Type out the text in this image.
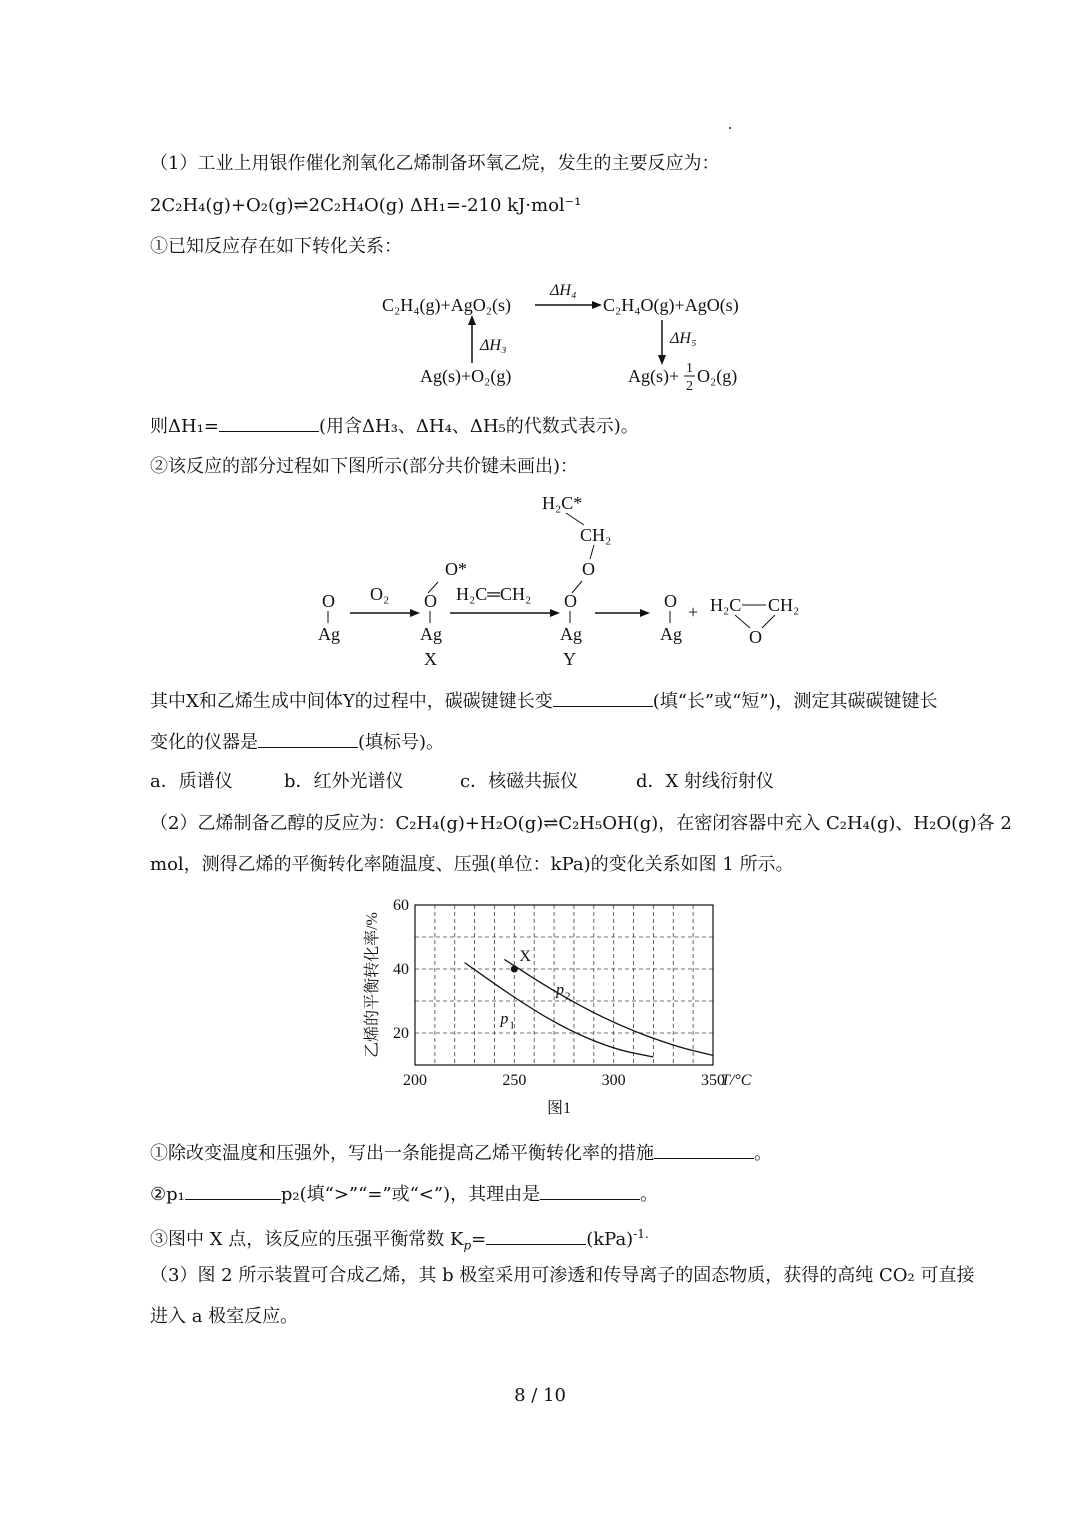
（1）工业上用银作催化剂氧化乙烯制备环氧乙烷，发生的主要反应为：
2C₂H₄(g)+O₂(g)⇌2C₂H₄O(g) ΔH₁=-210 kJ·mol⁻¹
①已知反应存在如下转化关系：
C₂H₄(g)+AgO₂(s)
ΔH₄
C₂H₄O(g)+AgO(s)
ΔH₃
Ag(s)+O₂(g)
ΔH₅
Ag(s)+ 1
2
O₂(g)
则ΔH₁=	(用含ΔH₃、ΔH₄、ΔH₅的代数式表示)。
②该反应的部分过程如下图所示(部分共价键未画出)：
O
Ag
O₂
O*
O
Ag
X
H₂C═CH₂
H₂C*
CH₂
O
O
Ag
Y
O
Ag
+ H₂C CH₂
O
其中X和乙烯生成中间体Y的过程中，碳碳键键长变	(填“长”或“短”)，测定其碳碳键键长
变化的仪器是	(填标号)。
a．质谱仪	b．红外光谱仪	c．核磁共振仪	d．X 射线衍射仪
（2）乙烯制备乙醇的反应为：C₂H₄(g)+H₂O(g)⇌C₂H₅OH(g)，在密闭容器中充入 C₂H₄(g)、H₂O(g)各 2
mol，测得乙烯的平衡转化率随温度、压强(单位：kPa)的变化关系如图 1 所示。
200	250	300	350
20
40
60
T/°C
乙烯的平衡转化率/%	p 1
p 2
X
图1
①除改变温度和压强外，写出一条能提高乙烯平衡转化率的措施	。
②p₁	p₂(填“>”“=”或“<”)，其理由是	。
③图中 X 点，该反应的压强平衡常数 $K_p=$	(kPa)$^{-1.}$
（3）图 2 所示装置可合成乙烯，其 b 极室采用可渗透和传导离子的固态物质，获得的高纯 CO₂ 可直接
进入 a 极室反应。
8 / 10
